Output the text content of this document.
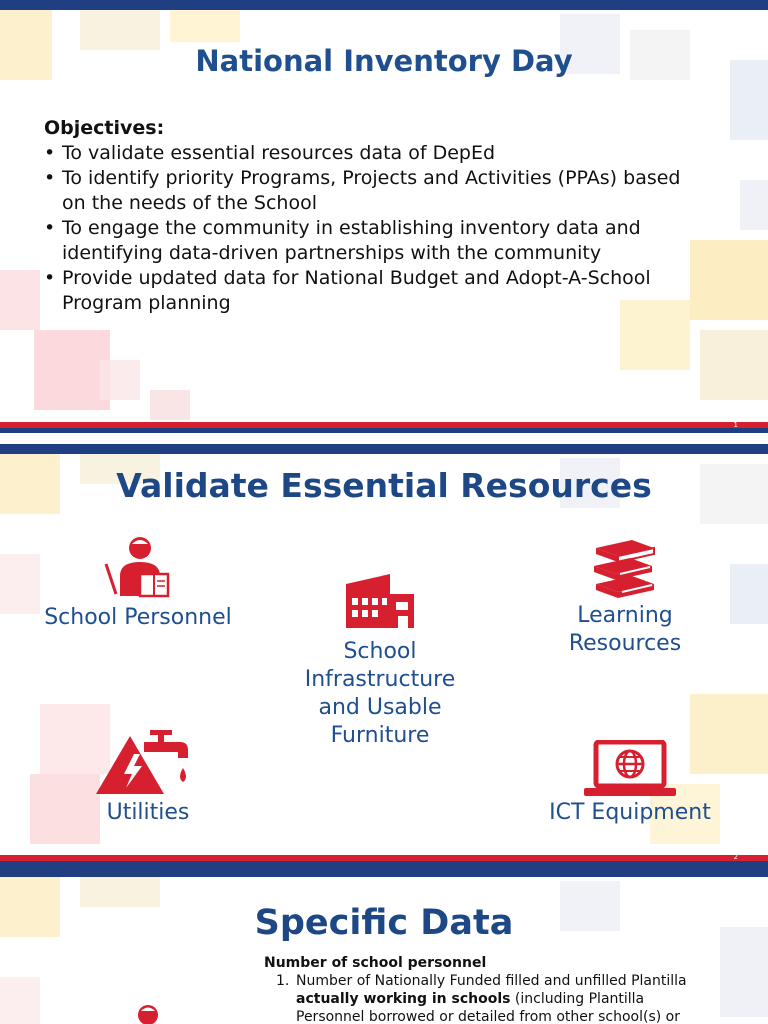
National Inventory Day
Objectives:
• To validate essential resources data of DepEd
• To identify priority Programs, Projects and Activities (PPAs) based on the needs of the School
• To engage the community in establishing inventory data and identifying data-driven partnerships with the community
• Provide updated data for National Budget and Adopt-A-School Program planning
1
Validate Essential Resources
School Personnel
School
Infrastructure
and Usable
Furniture
Learning
Resources
Utilities	ICT Equipment
2
Specific Data
Number of school personnel
1. Number of Nationally Funded filled and unfilled Plantilla
actually working in schools (including Plantilla
Personnel borrowed or detailed from other school(s) or
